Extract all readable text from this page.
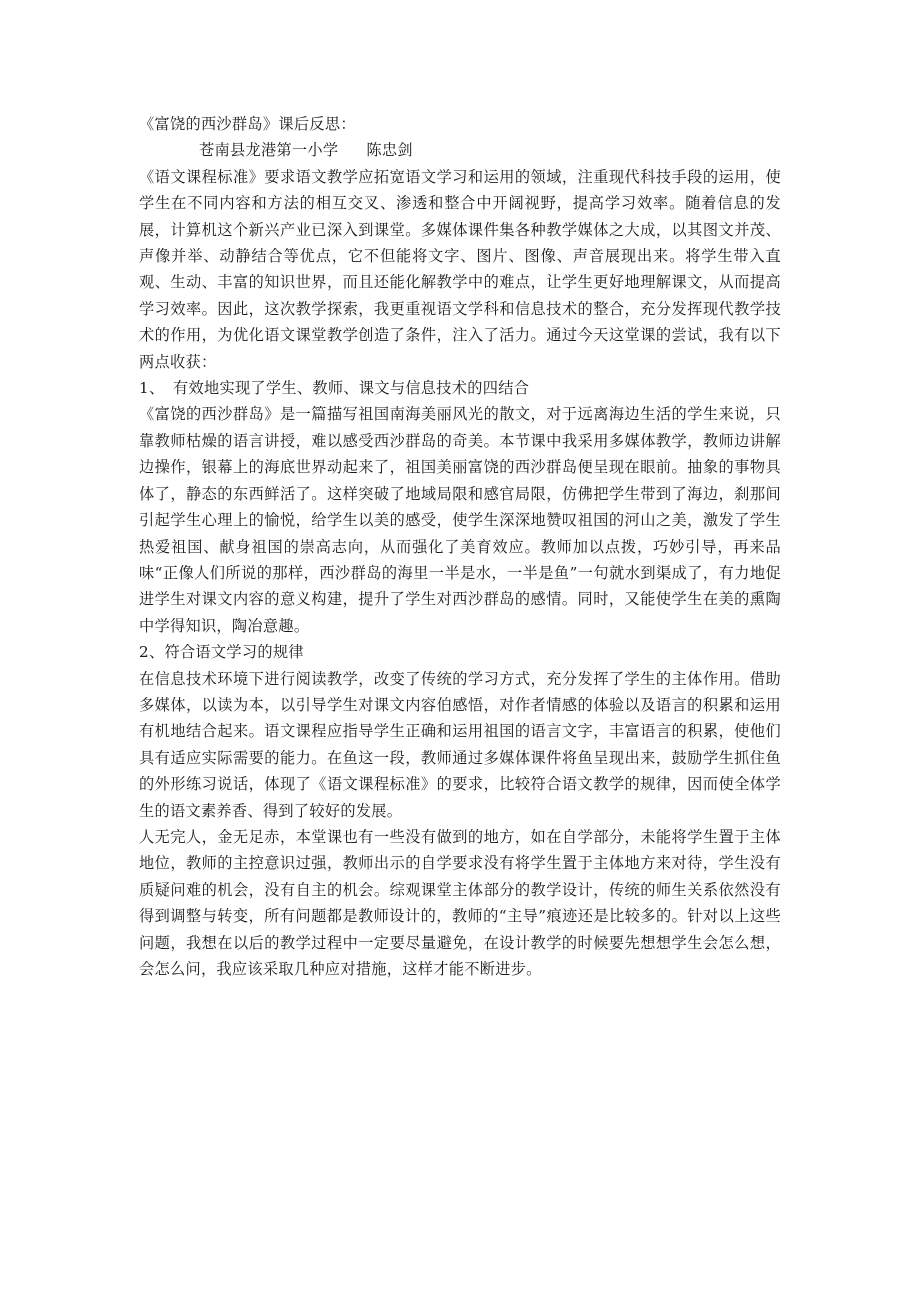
《富饶的西沙群岛》课后反思：

苍南县龙港第一小学 陈忠剑

《语文课程标准》要求语文教学应拓宽语文学习和运用的领域，注重现代科技手段的运用，使学生在不同内容和方法的相互交叉、渗透和整合中开阔视野，提高学习效率。随着信息的发展，计算机这个新兴产业已深入到课堂。多媒体课件集各种教学媒体之大成，以其图文并茂、声像并举、动静结合等优点，它不但能将文字、图片、图像、声音展现出来。将学生带入直观、生动、丰富的知识世界，而且还能化解教学中的难点，让学生更好地理解课文，从而提高学习效率。因此，这次教学探索，我更重视语文学科和信息技术的整合，充分发挥现代教学技术的作用，为优化语文课堂教学创造了条件，注入了活力。通过今天这堂课的尝试，我有以下两点收获：

1、 有效地实现了学生、教师、课文与信息技术的四结合

《富饶的西沙群岛》是一篇描写祖国南海美丽风光的散文，对于远离海边生活的学生来说，只靠教师枯燥的语言讲授，难以感受西沙群岛的奇美。本节课中我采用多媒体教学，教师边讲解边操作，银幕上的海底世界动起来了，祖国美丽富饶的西沙群岛便呈现在眼前。抽象的事物具体了，静态的东西鲜活了。这样突破了地域局限和感官局限，仿佛把学生带到了海边，刹那间引起学生心理上的愉悦，给学生以美的感受，使学生深深地赞叹祖国的河山之美，激发了学生热爱祖国、献身祖国的崇高志向，从而强化了美育效应。教师加以点拨，巧妙引导，再来品味“正像人们所说的那样，西沙群岛的海里一半是水，一半是鱼”一句就水到渠成了，有力地促进学生对课文内容的意义构建，提升了学生对西沙群岛的感情。同时，又能使学生在美的熏陶中学得知识，陶冶意趣。

2、 符合语文学习的规律

在信息技术环境下进行阅读教学，改变了传统的学习方式，充分发挥了学生的主体作用。借助多媒体，以读为本，以引导学生对课文内容伯感悟，对作者情感的体验以及语言的积累和运用有机地结合起来。语文课程应指导学生正确和运用祖国的语言文字，丰富语言的积累，使他们具有适应实际需要的能力。在鱼这一段，教师通过多媒体课件将鱼呈现出来，鼓励学生抓住鱼的外形练习说话，体现了《语文课程标准》的要求，比较符合语文教学的规律，因而使全体学生的语文素养香、得到了较好的发展。

人无完人，金无足赤，本堂课也有一些没有做到的地方，如在自学部分，未能将学生置于主体地位，教师的主控意识过强，教师出示的自学要求没有将学生置于主体地方来对待，学生没有质疑问难的机会，没有自主的机会。综观课堂主体部分的教学设计，传统的师生关系依然没有得到调整与转变，所有问题都是教师设计的，教师的“主导”痕迹还是比较多的。针对以上这些问题，我想在以后的教学过程中一定要尽量避免，在设计教学的时候要先想想学生会怎么想，会怎么问，我应该采取几种应对措施，这样才能不断进步。
